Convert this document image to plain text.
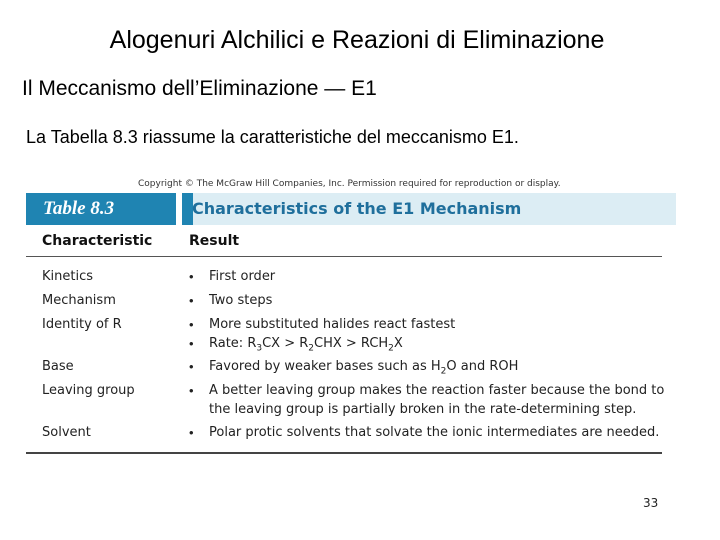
Alogenuri Alchilici e Reazioni di Eliminazione
Il Meccanismo dell’Eliminazione — E1
La Tabella 8.3 riassume la caratteristiche del meccanismo E1.
Copyright © The McGraw Hill Companies, Inc. Permission required for reproduction or display.
Table 8.3	Characteristics of the E1 Mechanism
Characteristic	Result
Kinetics	• First order
Mechanism	• Two steps
Identity of R	• More substituted halides react fastest
• Rate: $R_3CX > R_2CHX > RCH_2X$
Base	• Favored by weaker bases such as $H_2O$ and ROH
Leaving group	• A better leaving group makes the reaction faster because the bond to
the leaving group is partially broken in the rate-determining step.
Solvent	• Polar protic solvents that solvate the ionic intermediates are needed.
33
